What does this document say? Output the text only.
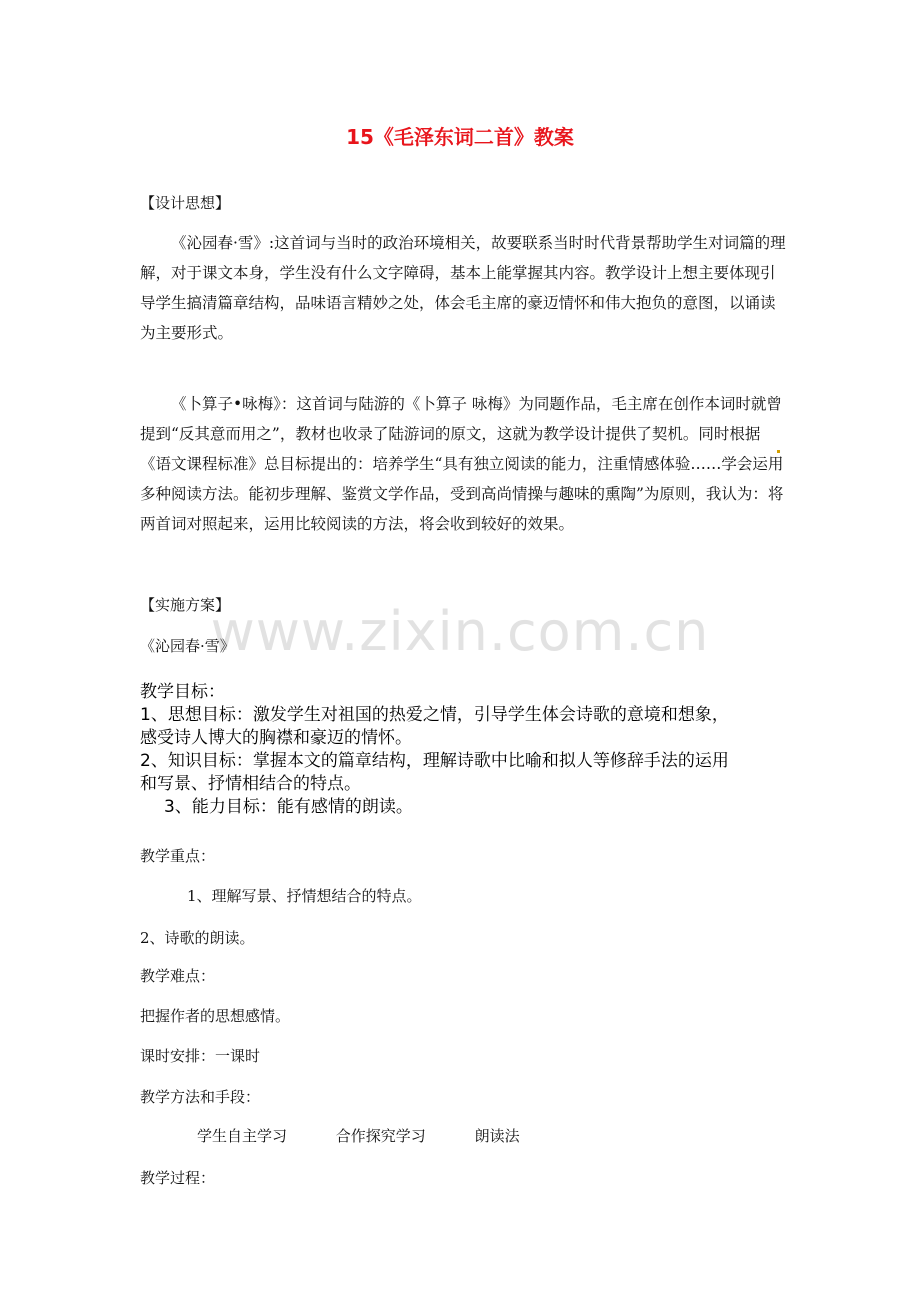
www.zixin.com.cn
15《毛泽东词二首》教案
【设计思想】
《沁园春·雪》:这首词与当时的政治环境相关，故要联系当时时代背景帮助学生对词篇的理解，对于课文本身，学生没有什么文字障碍，基本上能掌握其内容。教学设计上想主要体现引导学生搞清篇章结构，品味语言精妙之处，体会毛主席的豪迈情怀和伟大抱负的意图，以诵读为主要形式。
《卜算子•咏梅》：这首词与陆游的《卜算子 咏梅》为同题作品，毛主席在创作本词时就曾提到“反其意而用之”，教材也收录了陆游词的原文，这就为教学设计提供了契机。同时根据《语文课程标准》总目标提出的：培养学生“具有独立阅读的能力，注重情感体验……学会运用多种阅读方法。能初步理解、鉴赏文学作品，受到高尚情操与趣味的熏陶”为原则，我认为：将两首词对照起来，运用比较阅读的方法，将会收到较好的效果。
【实施方案】
《沁园春·雪》
教学目标：
1、思想目标：激发学生对祖国的热爱之情，引导学生体会诗歌的意境和想象，
感受诗人博大的胸襟和豪迈的情怀。
2、知识目标：掌握本文的篇章结构，理解诗歌中比喻和拟人等修辞手法的运用
和写景、抒情相结合的特点。
3、能力目标：能有感情的朗读。
教学重点：
1、理解写景、抒情想结合的特点。
2、诗歌的朗读。
教学难点：
把握作者的思想感情。
课时安排：一课时
教学方法和手段：
学生自主学习	合作探究学习	朗读法
教学过程：
